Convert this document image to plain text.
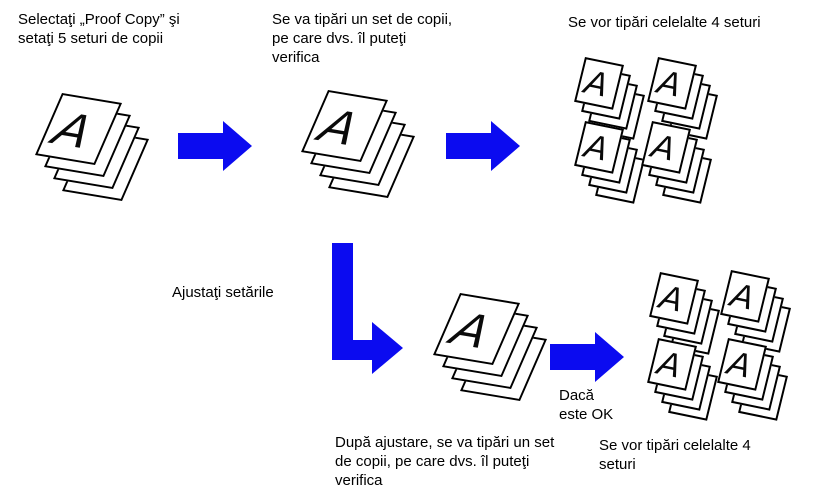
Selectaţi „Proof Copy” şi
setaţi 5 seturi de copii
Se va tipări un set de copii,
pe care dvs. îl puteţi
verifica
Se vor tipări celelalte 4 seturi
Ajustaţi setările
După ajustare, se va tipări un set
de copii, pe care dvs. îl puteţi
verifica
Dacă
este OK
Se vor tipări celelalte 4
seturi
A	A
A
A A
A A
A A
A A
